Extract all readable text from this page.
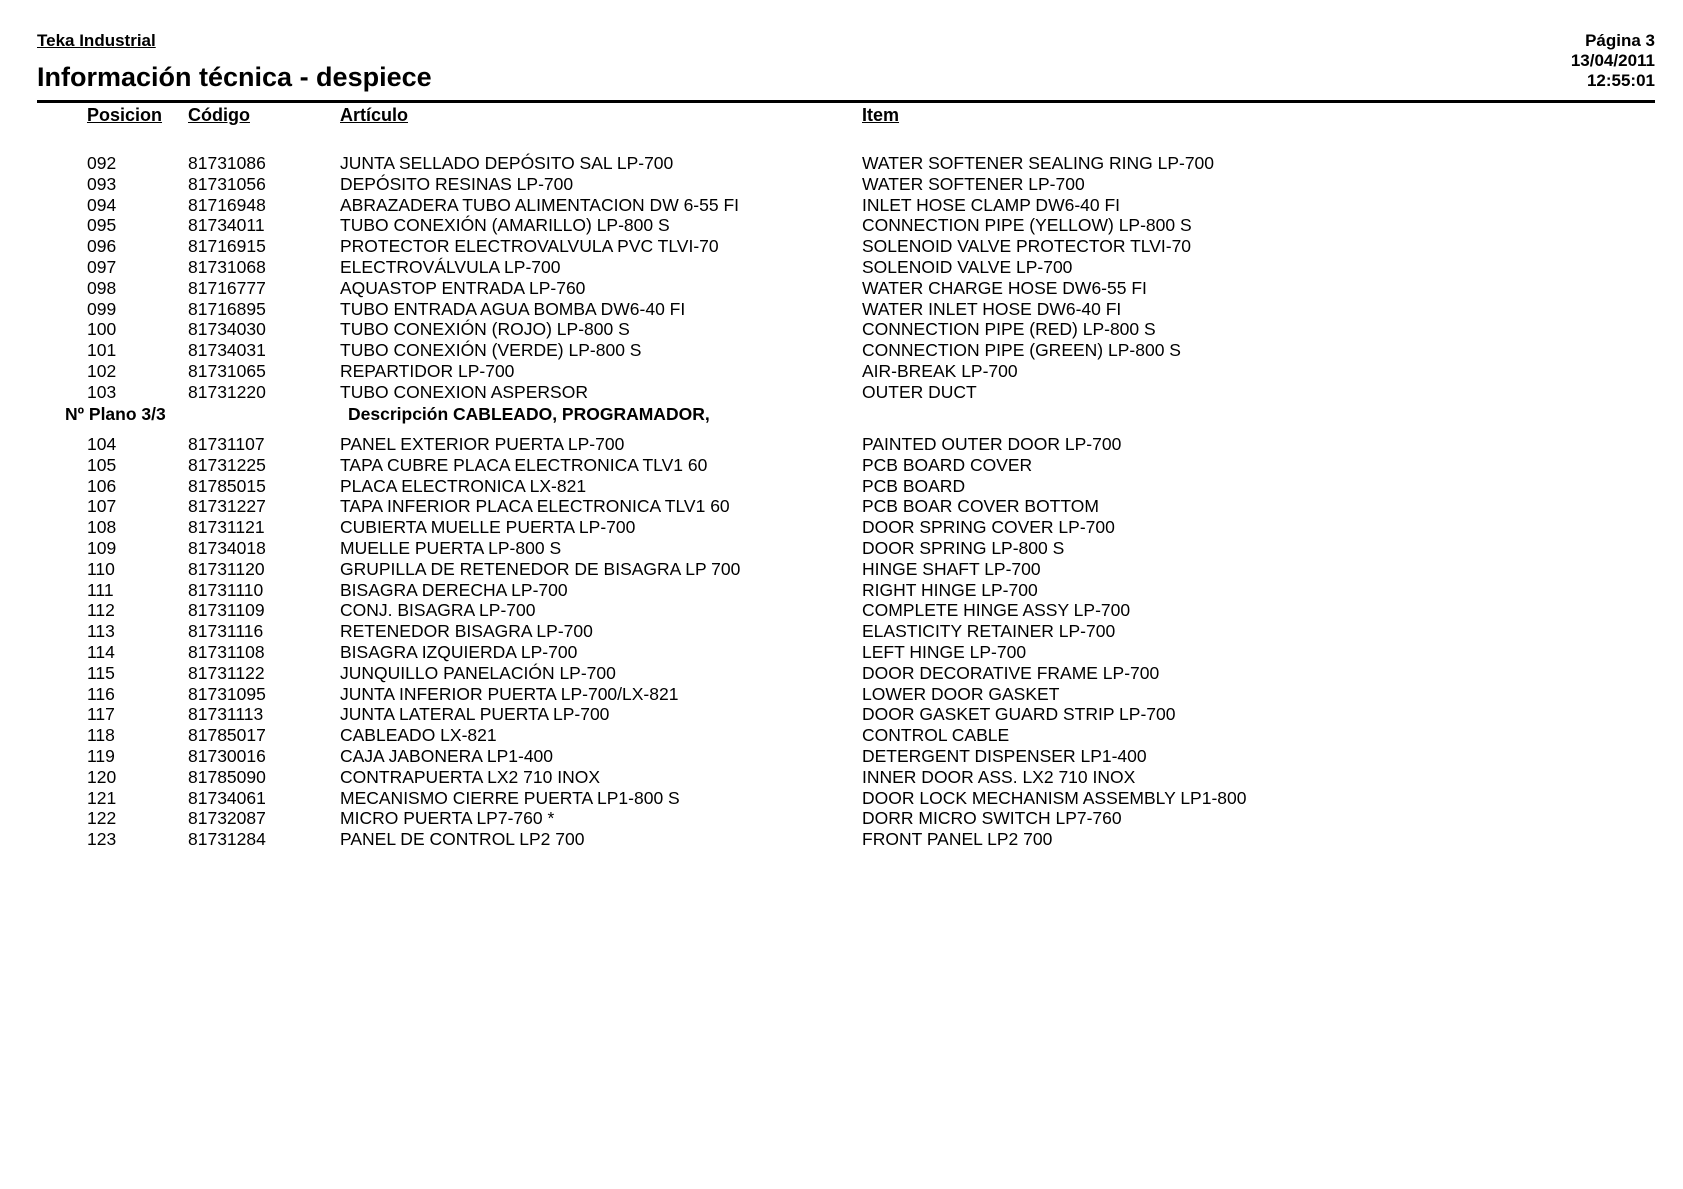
Teka Industrial
Información técnica - despiece
Página 3
13/04/2011
12:55:01
Posicion Código	Artículo	Item
092	81731086	JUNTA SELLADO DEPÓSITO SAL LP-700	WATER SOFTENER SEALING RING LP-700
093	81731056	DEPÓSITO RESINAS LP-700	WATER SOFTENER LP-700
094	81716948	ABRAZADERA TUBO ALIMENTACION DW 6-55 FI	INLET HOSE CLAMP DW6-40 FI
095	81734011	TUBO CONEXIÓN (AMARILLO) LP-800 S	CONNECTION PIPE (YELLOW) LP-800 S
096	81716915	PROTECTOR ELECTROVALVULA PVC TLVI-70	SOLENOID VALVE PROTECTOR TLVI-70
097	81731068	ELECTROVÁLVULA LP-700	SOLENOID VALVE LP-700
098	81716777	AQUASTOP ENTRADA LP-760	WATER CHARGE HOSE DW6-55 FI
099	81716895	TUBO ENTRADA AGUA BOMBA DW6-40 FI	WATER INLET HOSE DW6-40 FI
100	81734030	TUBO CONEXIÓN (ROJO) LP-800 S	CONNECTION PIPE (RED) LP-800 S
101	81734031	TUBO CONEXIÓN (VERDE) LP-800 S	CONNECTION PIPE (GREEN) LP-800 S
102	81731065	REPARTIDOR LP-700	AIR-BREAK LP-700
103	81731220	TUBO CONEXION ASPERSOR	OUTER DUCT
Nº Plano 3/3	Descripción CABLEADO, PROGRAMADOR,
104	81731107	PANEL EXTERIOR PUERTA LP-700	PAINTED OUTER DOOR LP-700
105	81731225	TAPA CUBRE PLACA ELECTRONICA TLV1 60	PCB BOARD COVER
106	81785015	PLACA ELECTRONICA LX-821	PCB BOARD
107	81731227	TAPA INFERIOR PLACA ELECTRONICA TLV1 60	PCB BOAR COVER BOTTOM
108	81731121	CUBIERTA MUELLE PUERTA LP-700	DOOR SPRING COVER LP-700
109	81734018	MUELLE PUERTA LP-800 S	DOOR SPRING LP-800 S
110	81731120	GRUPILLA DE RETENEDOR DE BISAGRA LP 700	HINGE SHAFT LP-700
111	81731110	BISAGRA DERECHA LP-700	RIGHT HINGE LP-700
112	81731109	CONJ. BISAGRA LP-700	COMPLETE HINGE ASSY LP-700
113	81731116	RETENEDOR BISAGRA LP-700	ELASTICITY RETAINER LP-700
114	81731108	BISAGRA IZQUIERDA LP-700	LEFT HINGE LP-700
115	81731122	JUNQUILLO PANELACIÓN LP-700	DOOR DECORATIVE FRAME LP-700
116	81731095	JUNTA INFERIOR PUERTA LP-700/LX-821	LOWER DOOR GASKET
117	81731113	JUNTA LATERAL PUERTA LP-700	DOOR GASKET GUARD STRIP LP-700
118	81785017	CABLEADO LX-821	CONTROL CABLE
119	81730016	CAJA JABONERA LP1-400	DETERGENT DISPENSER LP1-400
120	81785090	CONTRAPUERTA LX2 710 INOX	INNER DOOR ASS. LX2 710 INOX
121	81734061	MECANISMO CIERRE PUERTA LP1-800 S	DOOR LOCK MECHANISM ASSEMBLY LP1-800
122	81732087	MICRO PUERTA LP7-760 *	DORR MICRO SWITCH LP7-760
123	81731284	PANEL DE CONTROL LP2 700	FRONT PANEL LP2 700
